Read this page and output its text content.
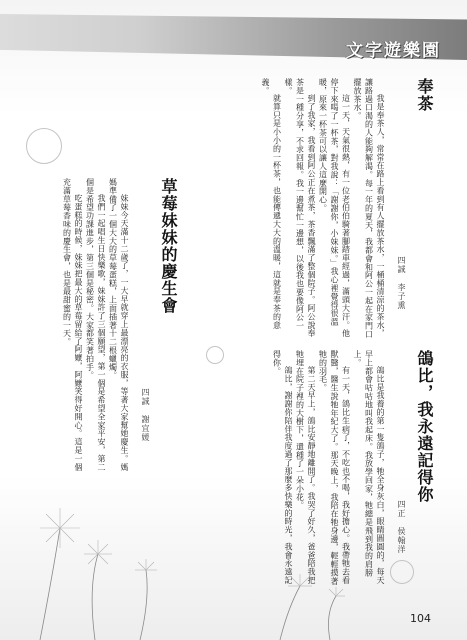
文字遊樂園
奉茶
四誠　李子熏

我是奉茶人，常常在路上看到有人擺放茶水，一桶桶清涼的茶水，讓路過口渴的人能夠解渴。每一年的夏天，我都會和阿公一起在家門口擺放茶水。

這一天，天氣很熱，有一位老伯伯騎著腳踏車經過，滿頭大汗。他停下來喝了一杯茶，對我說：「謝謝你，小妹妹。」我心裡覺得很溫暖，原來一杯茶可以讓人這麼開心。

到了我家，我看到阿公正在煮茶，茶香飄滿了整個院子。阿公說奉茶是一種分享，不求回報。我一邊幫忙一邊想，以後我也要像阿公一樣。

就算只是小小的一杯茶，也能傳遞大大的溫暖，這就是奉茶的意義。

草莓妹妹的慶生會
四誠　謝宜媛

妹妹今天滿十二歲了，一大早就穿上最漂亮的衣服，等著大家幫她慶生。媽媽準備了一個大大的草莓蛋糕，上面插著十二根蠟燭。

我們一起唱生日快樂歌，妹妹許了三個願望，第一個是希望全家平安，第二個是希望功課進步，第三個是秘密。大家都笑著拍手。

吃蛋糕的時候，妹妹把最大的草莓留給了阿嬤，阿嬤笑得好開心。這是一個充滿草莓香味的慶生會，也是最甜蜜的一天。

鴿比，我永遠記得你
四正　侯翰洋

鴿比是我養的第一隻鴿子，牠全身灰白，眼睛圓圓的，每天早上都會咕咕地叫我起床。我放學回家，牠總是飛到我的肩膀上。

有一天，鴿比生病了，不吃也不喝，我好擔心。我帶牠去看獸醫，醫生說牠年紀大了。那天晚上，我陪在牠身邊，輕輕摸著牠的羽毛。

第二天早上，鴿比安靜地離開了。我哭了好久，爸爸陪我把牠埋在院子裡的大樹下，還種了一朵小花。

鴿比，謝謝你陪伴我度過了那麼多快樂的時光，我會永遠記得你。

104
